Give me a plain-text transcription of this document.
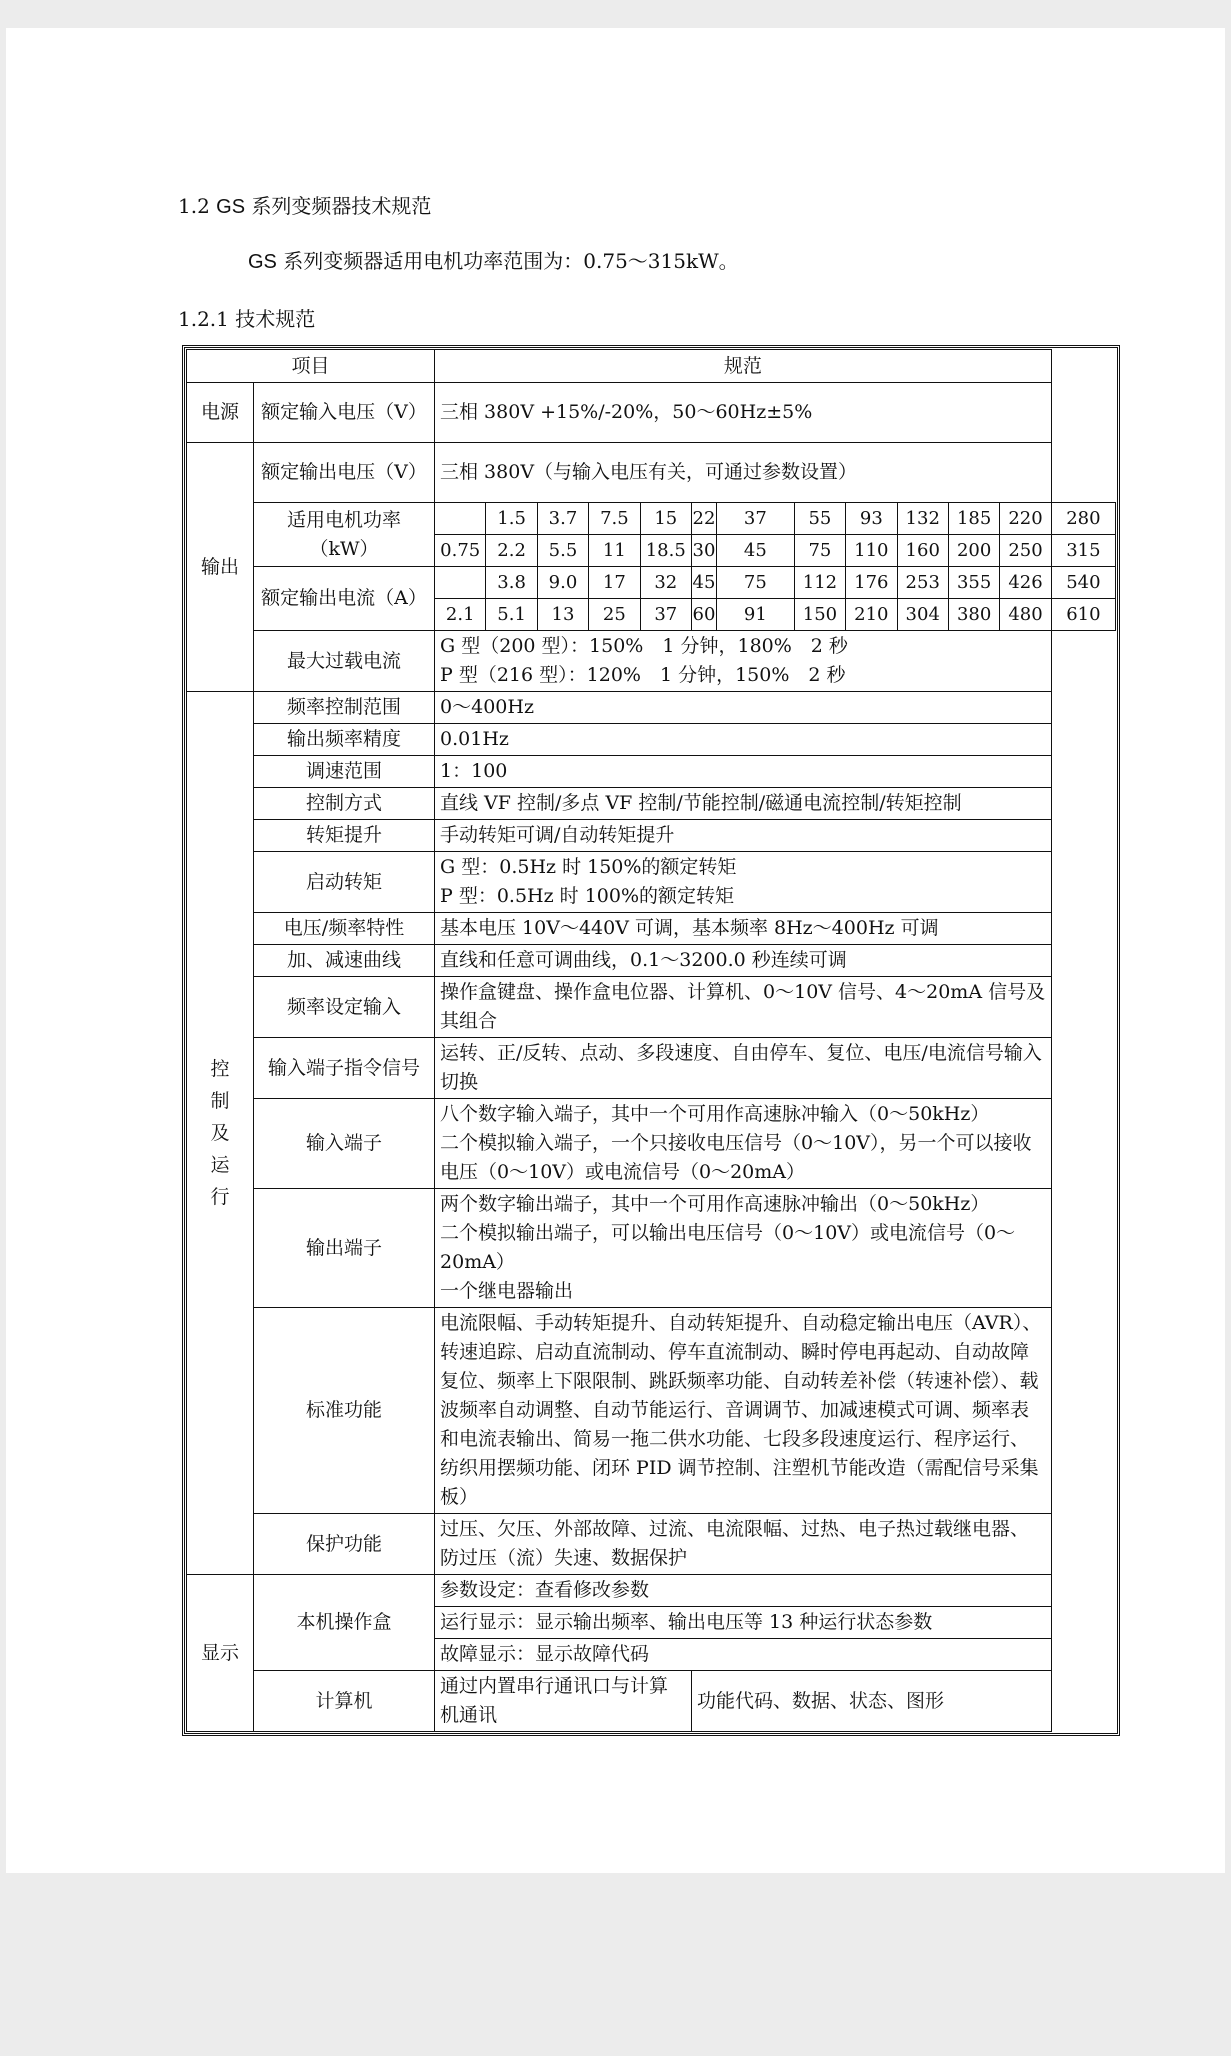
1.2 GS 系列变频器技术规范
GS 系列变频器适用电机功率范围为：0.75～315kW。
1.2.1 技术规范
项目		规范												
电源	额定输入电压（V）	三相 380V +15%/-20%，50～60Hz±5%												
输出	额定输出电压（V）	三相 380V（与输入电压有关，可通过参数设置）												
	适用电机功率（kW）		1.5	3.7	7.5	15	22	37	55	93	132	185	220	280
		0.75	2.2	5.5	11	18.5	30	45	75	110	160	200	250	315
	额定输出电流（A）		3.8	9.0	17	32	45	75	112	176	253	355	426	540
		2.1	5.1	13	25	37	60	91	150	210	304	380	480	610
	最大过载电流	G 型（200 型）：150%　1 分钟，180%　2 秒
P 型（216 型）：120%　1 分钟，150%　2 秒												

控
制
及
运
行	频率控制范围	0～400Hz												
	输出频率精度	0.01Hz												
	调速范围	1：100												
	控制方式	直线 VF 控制/多点 VF 控制/节能控制/磁通电流控制/转矩控制												
	转矩提升	手动转矩可调/自动转矩提升												
	启动转矩	G 型：0.5Hz 时 150%的额定转矩
P 型：0.5Hz 时 100%的额定转矩												
	电压/频率特性	基本电压 10V～440V 可调，基本频率 8Hz～400Hz 可调												
	加、减速曲线	直线和任意可调曲线，0.1～3200.0 秒连续可调												
	频率设定输入	操作盒键盘、操作盒电位器、计算机、0～10V 信号、4～20mA 信号及其组合												
	输入端子指令信号	运转、正/反转、点动、多段速度、自由停车、复位、电压/电流信号输入切换												
	输入端子	八个数字输入端子，其中一个可用作高速脉冲输入（0～50kHz）
二个模拟输入端子，一个只接收电压信号（0～10V），另一个可以接收电压（0～10V）或电流信号（0～20mA）												
	输出端子	两个数字输出端子，其中一个可用作高速脉冲输出（0～50kHz）
二个模拟输出端子，可以输出电压信号（0～10V）或电流信号（0～20mA）
一个继电器输出												
	标准功能	电流限幅、手动转矩提升、自动转矩提升、自动稳定输出电压（AVR）、转速追踪、启动直流制动、停车直流制动、瞬时停电再起动、自动故障复位、频率上下限限制、跳跃频率功能、自动转差补偿（转速补偿）、载波频率自动调整、自动节能运行、音调调节、加减速模式可调、频率表和电流表输出、简易一拖二供水功能、七段多段速度运行、程序运行、纺织用摆频功能、闭环 PID 调节控制、注塑机节能改造（需配信号采集板）												
	保护功能	过压、欠压、外部故障、过流、电流限幅、过热、电子热过载继电器、防过压（流）失速、数据保护												
显示	本机操作盒	参数设定：查看修改参数												
		运行显示：显示输出频率、输出电压等 13 种运行状态参数												
		故障显示：显示故障代码												
	计算机	通过内置串行通讯口与计算机通讯					功能代码、数据、状态、图形							
